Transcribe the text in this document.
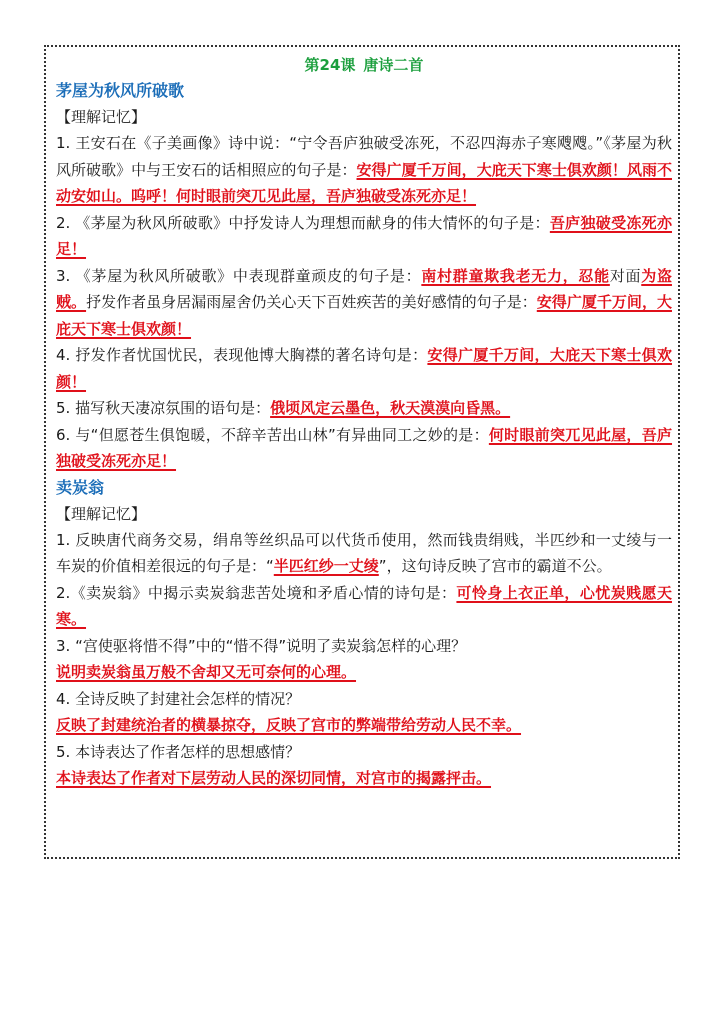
第24课 唐诗二首
茅屋为秋风所破歌
【理解记忆】

1. 王安石在《子美画像》诗中说：“宁令吾庐独破受冻死，不忍四海赤子寒飕飕。”《茅屋为秋风所破歌》中与王安石的话相照应的句子是：安得广厦千万间，大庇天下寒士俱欢颜！风雨不动安如山。呜呼！何时眼前突兀见此屋，吾庐独破受冻死亦足！

2. 《茅屋为秋风所破歌》中抒发诗人为理想而献身的伟大情怀的句子是：吾庐独破受冻死亦足！

3. 《茅屋为秋风所破歌》中表现群童顽皮的句子是：南村群童欺我老无力，忍能对面为盗贼。抒发作者虽身居漏雨屋舍仍关心天下百姓疾苦的美好感情的句子是：安得广厦千万间，大庇天下寒士俱欢颜！

4. 抒发作者忧国忧民，表现他博大胸襟的著名诗句是：安得广厦千万间，大庇天下寒士俱欢颜！

5. 描写秋天凄凉氛围的语句是：俄顷风定云墨色，秋天漠漠向昏黑。

6. 与“但愿苍生俱饱暖，不辞辛苦出山林”有异曲同工之妙的是：何时眼前突兀见此屋，吾庐独破受冻死亦足！

卖炭翁
【理解记忆】

1. 反映唐代商务交易，绢帛等丝织品可以代货币使用，然而钱贵绢贱，半匹纱和一丈绫与一车炭的价值相差很远的句子是：“半匹红纱一丈绫”，这句诗反映了宫市的霸道不公。

2.《卖炭翁》中揭示卖炭翁悲苦处境和矛盾心情的诗句是：可怜身上衣正单，心忧炭贱愿天寒。

3. “宫使驱将惜不得”中的“惜不得”说明了卖炭翁怎样的心理？

说明卖炭翁虽万般不舍却又无可奈何的心理。

4. 全诗反映了封建社会怎样的情况？

反映了封建统治者的横暴掠夺，反映了宫市的弊端带给劳动人民不幸。

5. 本诗表达了作者怎样的思想感情？

本诗表达了作者对下层劳动人民的深切同情，对宫市的揭露抨击。
